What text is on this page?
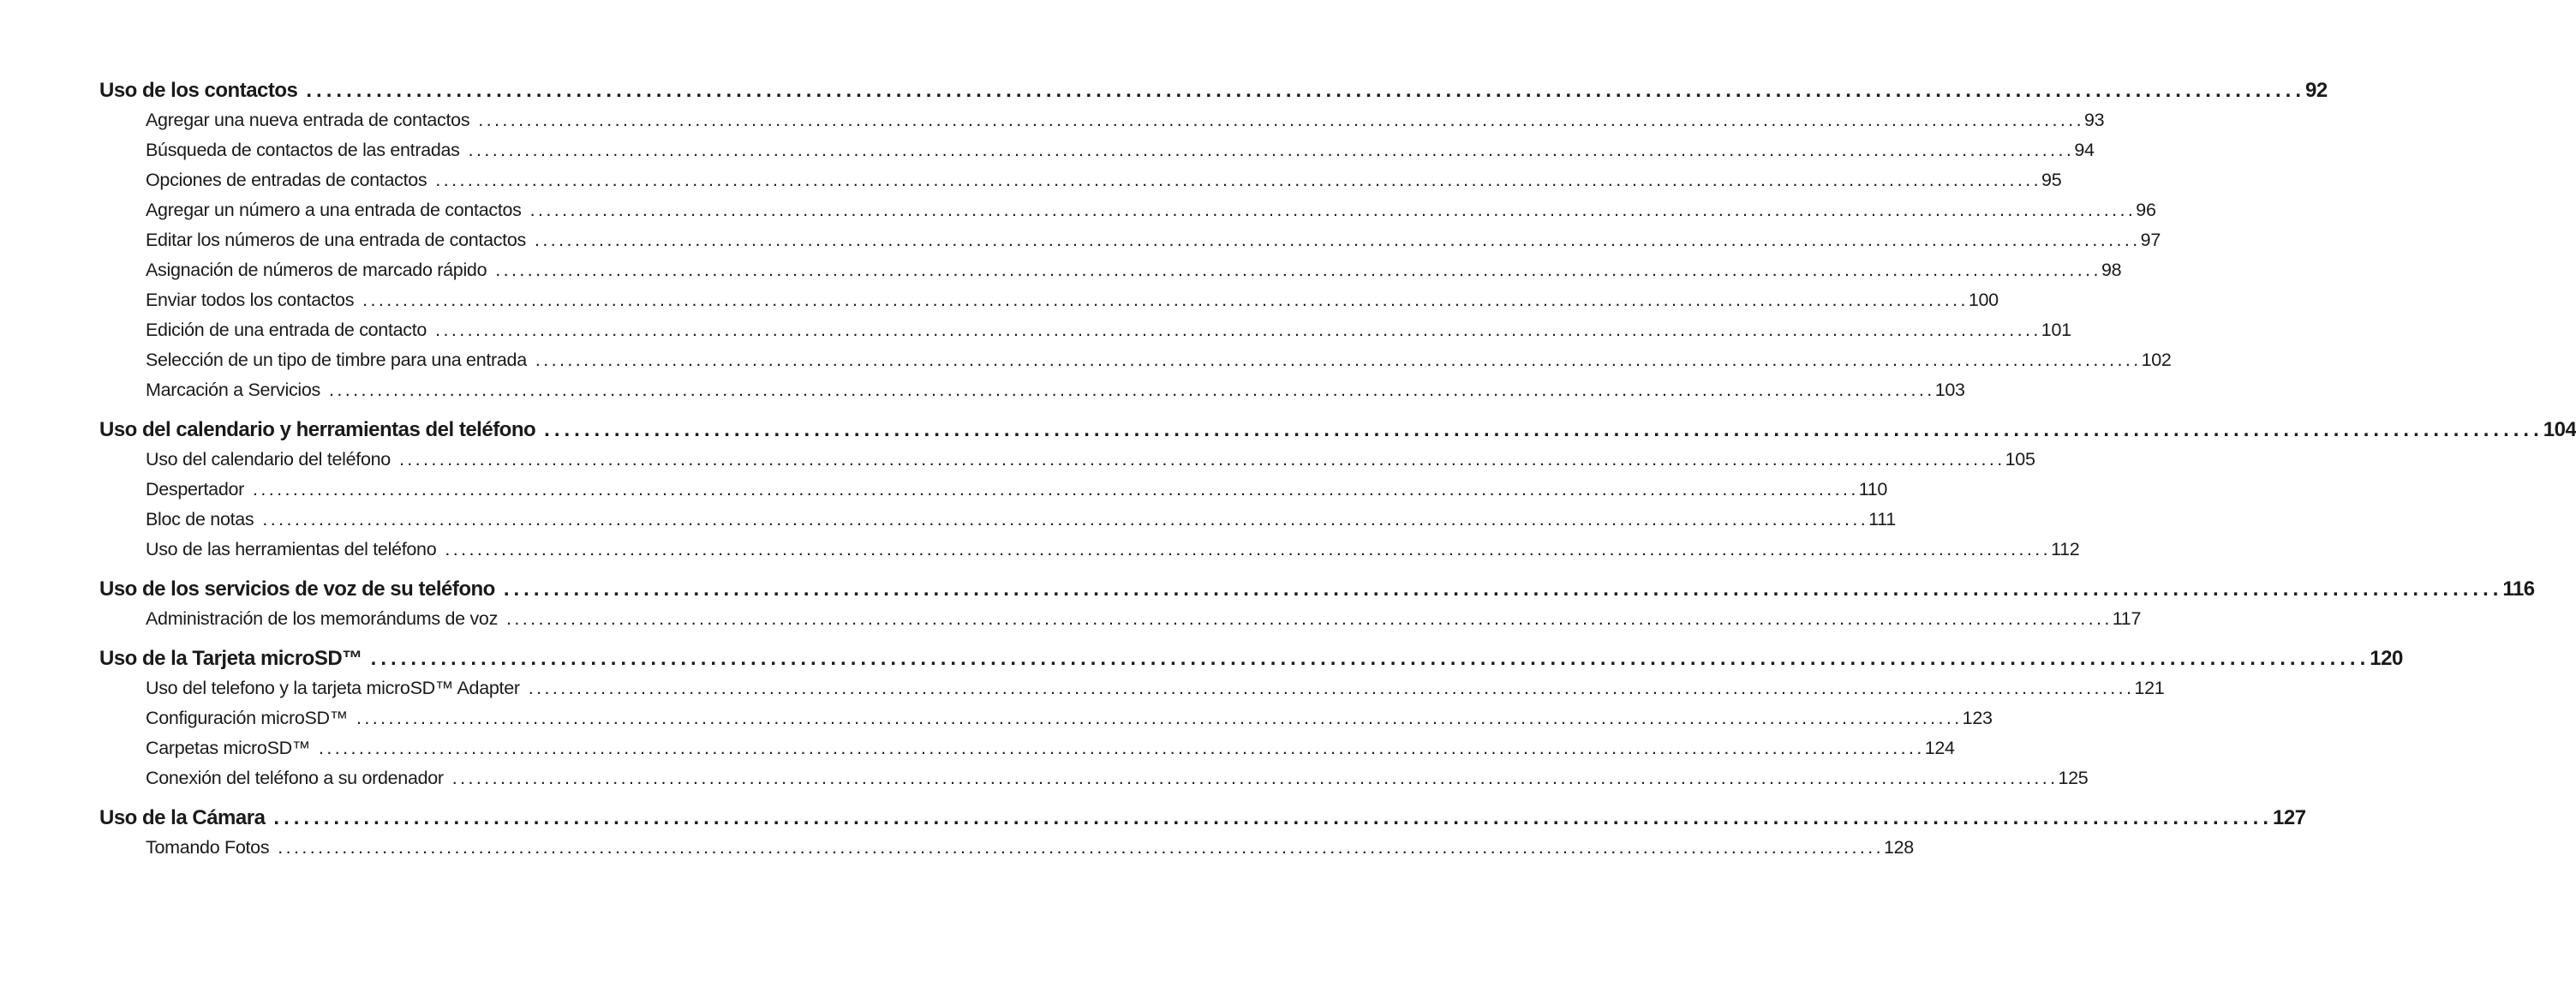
Uso de los contactos ........................................................................................................................................................................................................ 92
Agregar una nueva entrada de contactos ........................................................................................................................................................................................................ 93
Búsqueda de contactos de las entradas ........................................................................................................................................................................................................ 94
Opciones de entradas de contactos ........................................................................................................................................................................................................ 95
Agregar un número a una entrada de contactos ........................................................................................................................................................................................................ 96
Editar los números de una entrada de contactos ........................................................................................................................................................................................................ 97
Asignación de números de marcado rápido ........................................................................................................................................................................................................ 98
Enviar todos los contactos ........................................................................................................................................................................................................ 100
Edición de una entrada de contacto ........................................................................................................................................................................................................ 101
Selección de un tipo de timbre para una entrada ........................................................................................................................................................................................................ 102
Marcación a Servicios ........................................................................................................................................................................................................ 103
Uso del calendario y herramientas del teléfono ........................................................................................................................................................................................................ 104
Uso del calendario del teléfono ........................................................................................................................................................................................................ 105
Despertador ........................................................................................................................................................................................................ 110
Bloc de notas ........................................................................................................................................................................................................ 111
Uso de las herramientas del teléfono ........................................................................................................................................................................................................ 112
Uso de los servicios de voz de su teléfono ........................................................................................................................................................................................................ 116
Administración de los memorándums de voz ........................................................................................................................................................................................................ 117
Uso de la Tarjeta microSD™ ........................................................................................................................................................................................................ 120
Uso del telefono y la tarjeta microSD™ Adapter ........................................................................................................................................................................................................ 121
Configuración microSD™ ........................................................................................................................................................................................................ 123
Carpetas microSD™ ........................................................................................................................................................................................................ 124
Conexión del teléfono a su ordenador ........................................................................................................................................................................................................ 125
Uso de la Cámara ........................................................................................................................................................................................................ 127
Tomando Fotos ........................................................................................................................................................................................................ 128
